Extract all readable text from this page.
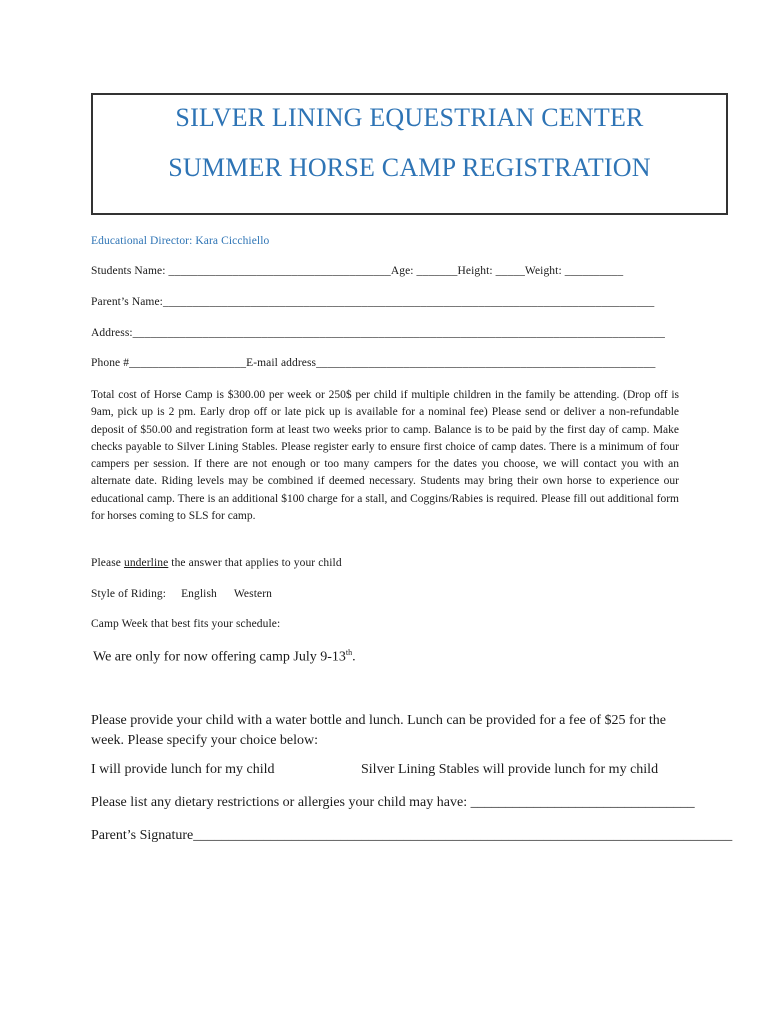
SILVER LINING EQUESTRIAN CENTER
SUMMER HORSE CAMP REGISTRATION
Educational Director: Kara Cicchiello
Students Name: ______________________________________Age: _______Height: _____Weight: __________
Parent’s Name:____________________________________________________________________________________
Address:___________________________________________________________________________________________
Phone #____________________E-mail address__________________________________________________________
Total cost of Horse Camp is $300.00 per week or 250$ per child if multiple children in the family be attending. (Drop off is 9am, pick up is 2 pm. Early drop off or late pick up is available for a nominal fee) Please send or deliver a non-refundable deposit of $50.00 and registration form at least two weeks prior to camp. Balance is to be paid by the first day of camp. Make checks payable to Silver Lining Stables. Please register early to ensure first choice of camp dates. There is a minimum of four campers per session. If there are not enough or too many campers for the dates you choose, we will contact you with an alternate date. Riding levels may be combined if deemed necessary. Students may bring their own horse to experience our educational camp. There is an additional $100 charge for a stall, and Coggins/Rabies is required. Please fill out additional form for horses coming to SLS for camp.
Please underline the answer that applies to your child
Style of Riding: English Western
Camp Week that best fits your schedule:
We are only for now offering camp July 9-13th.
Please provide your child with a water bottle and lunch. Lunch can be provided for a fee of $25 for the week. Please specify your choice below:
I will provide lunch for my child	Silver Lining Stables will provide lunch for my child
Please list any dietary restrictions or allergies your child may have: ________________________________
Parent’s Signature_____________________________________________________________________________
